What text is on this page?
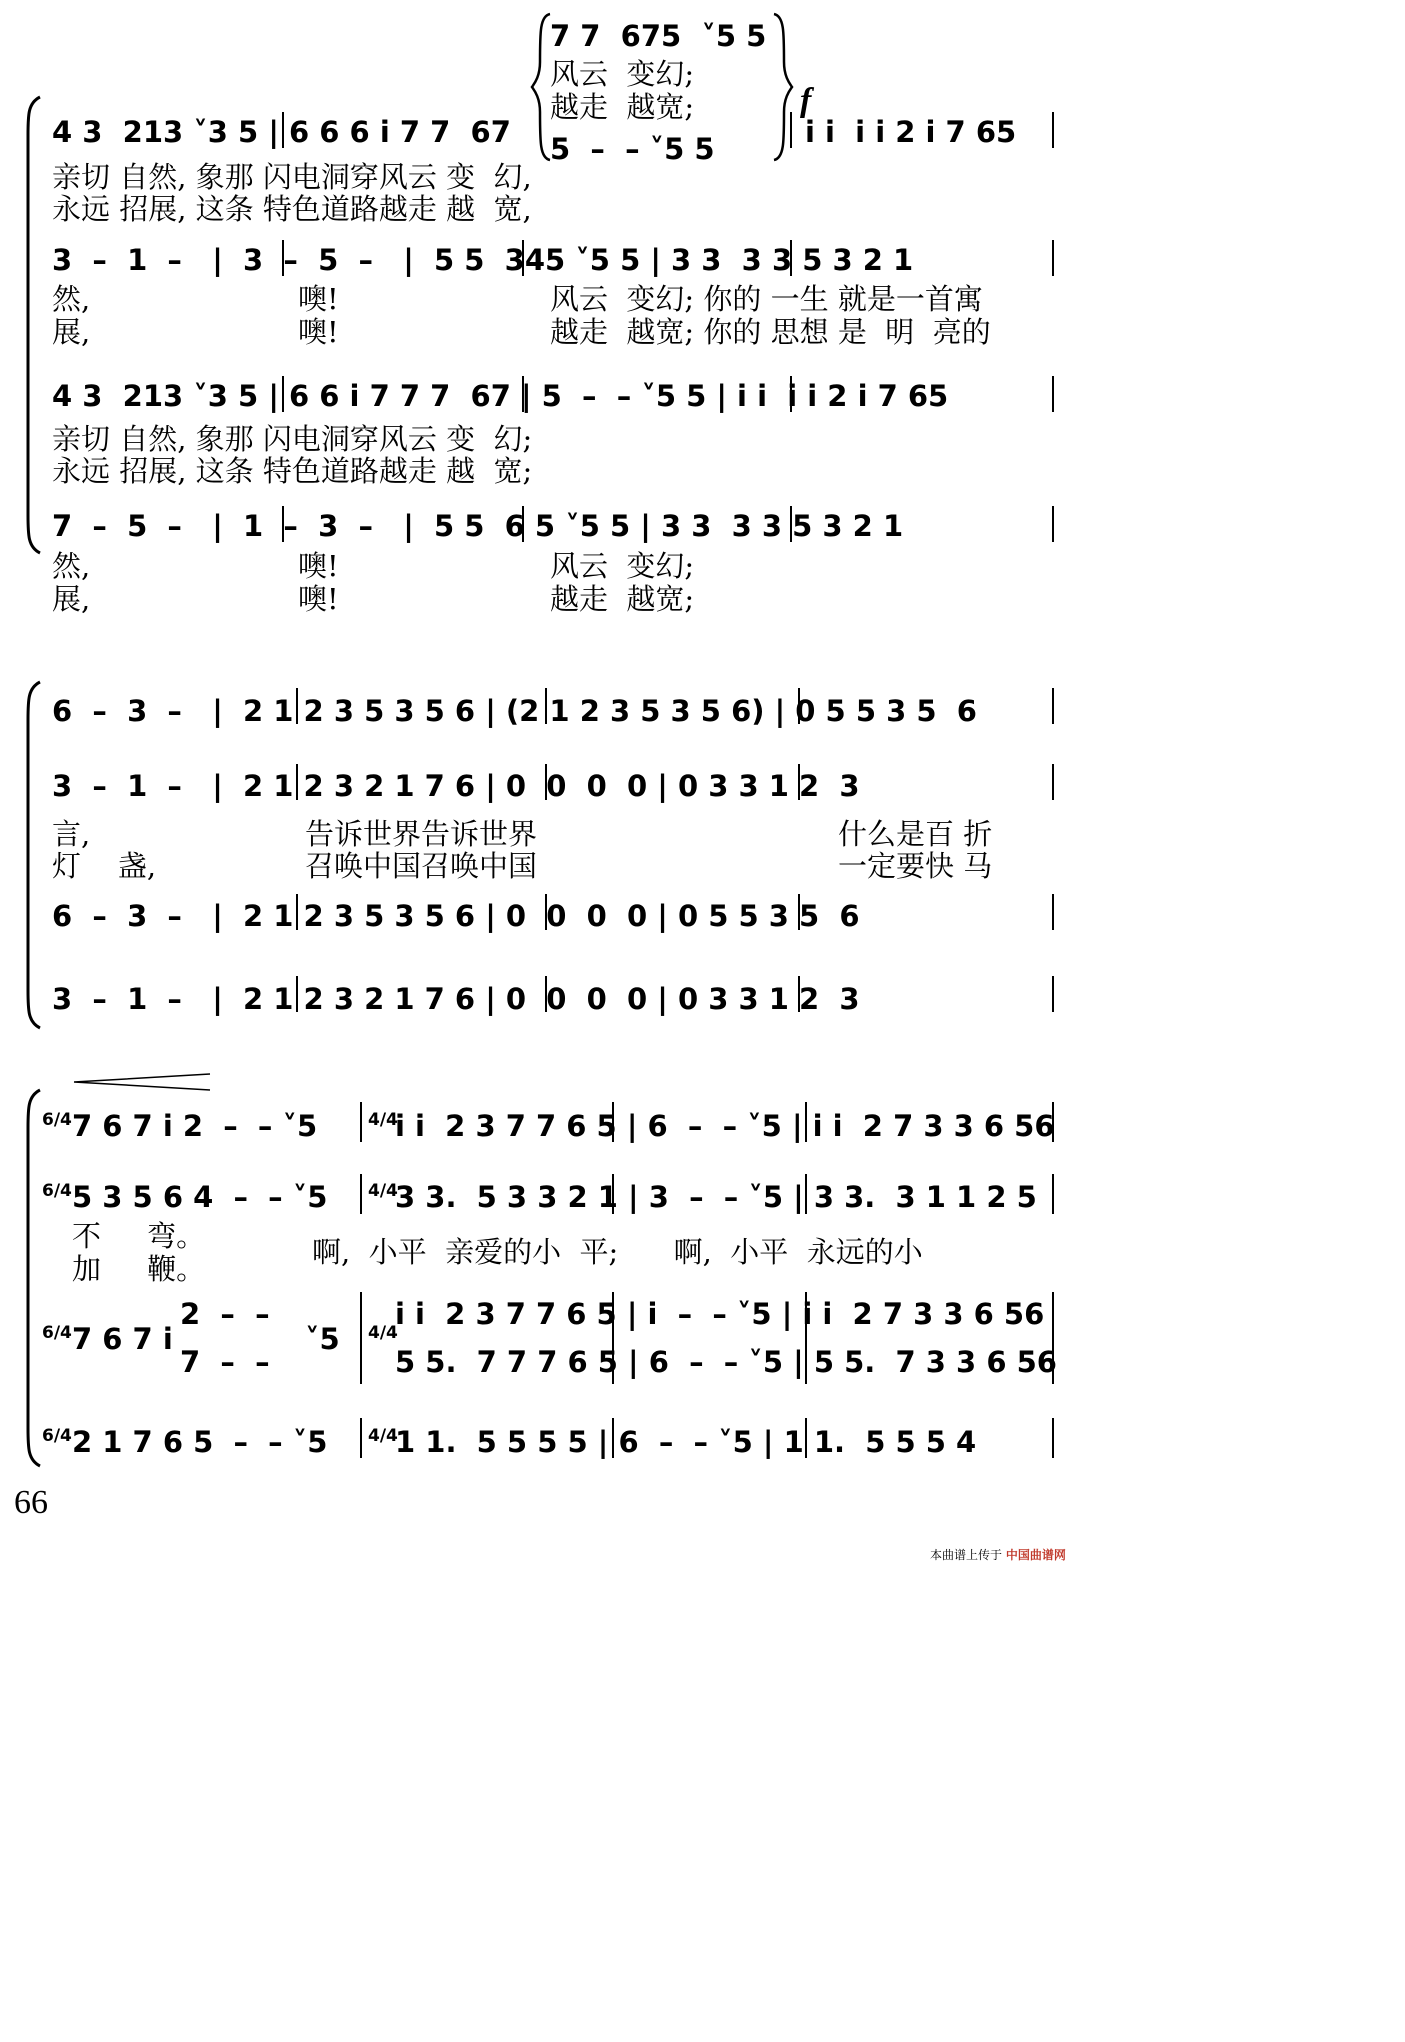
7 7  675  ˅5 5
风云  变幻;
越走  越宽;
5  –  – ˅5 5
f
4 3  213 ˅3 5 | 6 6 6 i 7 7  67	i i  i i 2 i 7 65
亲切 自然, 象那 闪电洞穿风云 变  幻,
永远 招展, 这条 特色道路越走 越  宽,
3  –  1  –   |  3  –  5  –   |  5 5  345 ˅5 5 | 3 3  3 3 5 3 2 1
然,	噢!	风云  变幻; 你的 一生 就是一首寓
展,	噢!	越走  越宽; 你的 思想 是  明  亮的
4 3  213 ˅3 5 | 6 6 i 7 7 7  67 | 5  –  – ˅5 5 | i i  i i 2 i 7 65
亲切 自然, 象那 闪电洞穿风云 变  幻;
永远 招展, 这条 特色道路越走 越  宽;
7  –  5  –   |  1  –  3  –   |  5 5  6 5 ˅5 5 | 3 3  3 3 5 3 2 1
然,	噢!	风云  变幻;
展,	噢!	越走  越宽;
6  –  3  –   |  2 1 2 3 5 3 5 6 | (2 1 2 3 5 3 5 6) | 0 5 5 3 5  6
3  –  1  –   |  2 1 2 3 2 1 7 6 | 0  0  0  0 | 0 3 3 1 2  3
言,	告诉世界告诉世界	什么是百 折
灯    盏,	召唤中国召唤中国	一定要快 马
6  –  3  –   |  2 1 2 3 5 3 5 6 | 0  0  0  0 | 0 5 5 3 5  6
3  –  1  –   |  2 1 2 3 2 1 7 6 | 0  0  0  0 | 0 3 3 1 2  3
6/4 7 6 7 i 2  –  – ˅5	4/4
i i  2 3 7 7 6 5 | 6  –  – ˅5 | i i  2 7 3 3 6 56
6/4 5 3 5 6 4  –  – ˅5 4/4
3 3.  5 3 3 2 1 | 3  –  – ˅5 | 3 3.  3 1 1 2 5
不     弯。
加     鞭。	啊,  小平  亲爱的小  平;      啊,  小平  永远的小
6/4 7 6 7 i
2  –  –
7  –  –
˅5 4/4
i i  2 3 7 7 6 5 | i  –  – ˅5 | i i  2 7 3 3 6 56
5 5.  7 7 7 6 5 | 6  –  – ˅5 | 5 5.  7 3 3 6 56
6/4 2 1 7 6 5  –  – ˅5 4/4
1 1.  5 5 5 5 | 6  –  – ˅5 | 1 1.  5 5 5 4
66
本曲谱上传于 中国曲谱网
